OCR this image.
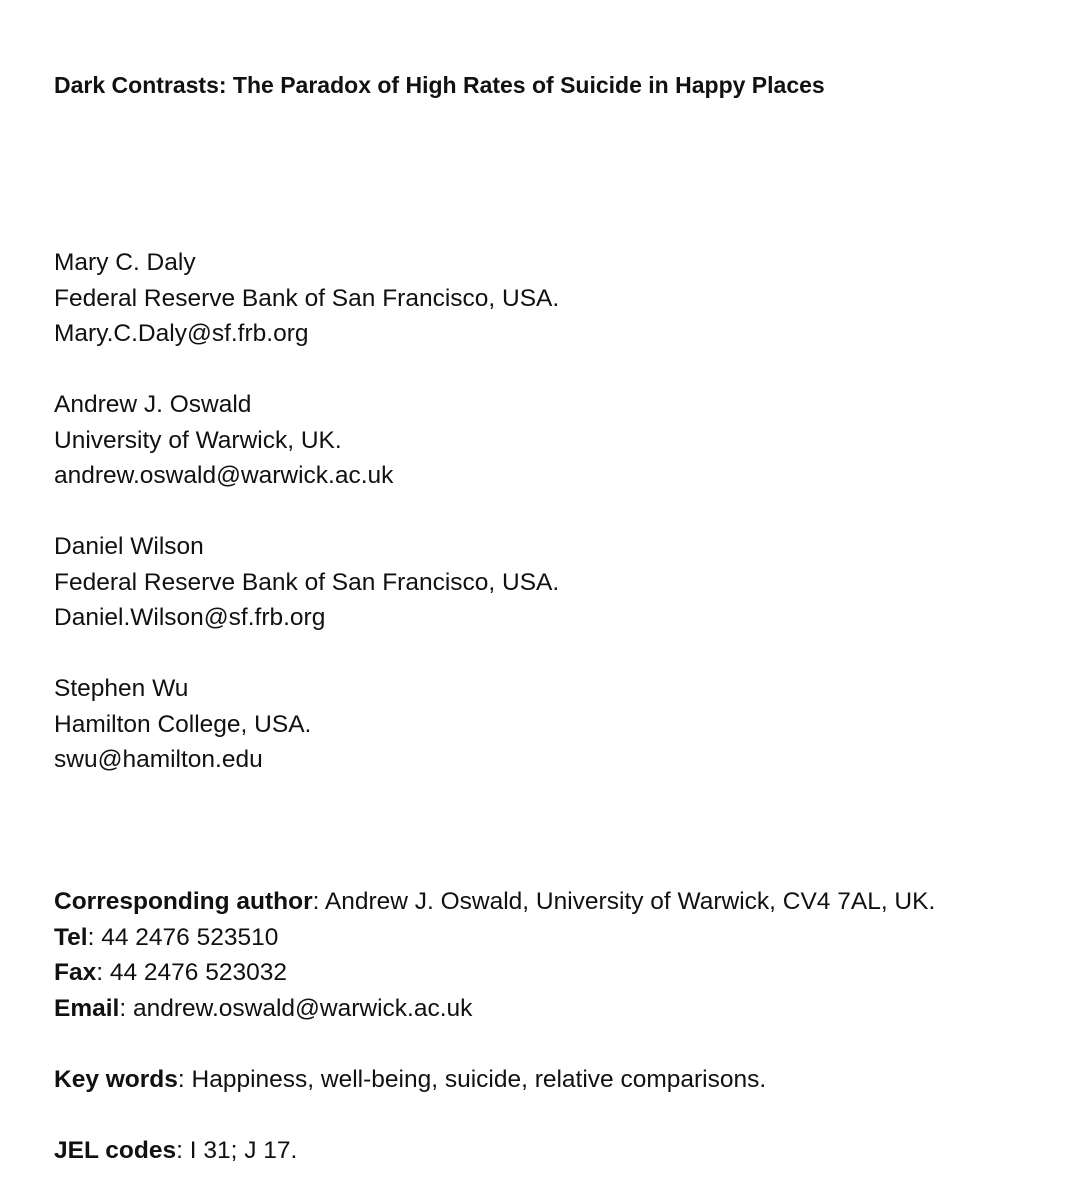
Dark Contrasts: The Paradox of High Rates of Suicide in Happy Places
Mary C. Daly
Federal Reserve Bank of San Francisco, USA.
Mary.C.Daly@sf.frb.org
Andrew J. Oswald
University of Warwick, UK.
andrew.oswald@warwick.ac.uk
Daniel Wilson
Federal Reserve Bank of San Francisco, USA.
Daniel.Wilson@sf.frb.org
Stephen Wu
Hamilton College, USA.
swu@hamilton.edu
Corresponding author: Andrew J. Oswald, University of Warwick, CV4 7AL, UK.
Tel: 44 2476 523510
Fax: 44 2476 523032
Email: andrew.oswald@warwick.ac.uk
Key words: Happiness, well-being, suicide, relative comparisons.
JEL codes: I 31; J 17.
